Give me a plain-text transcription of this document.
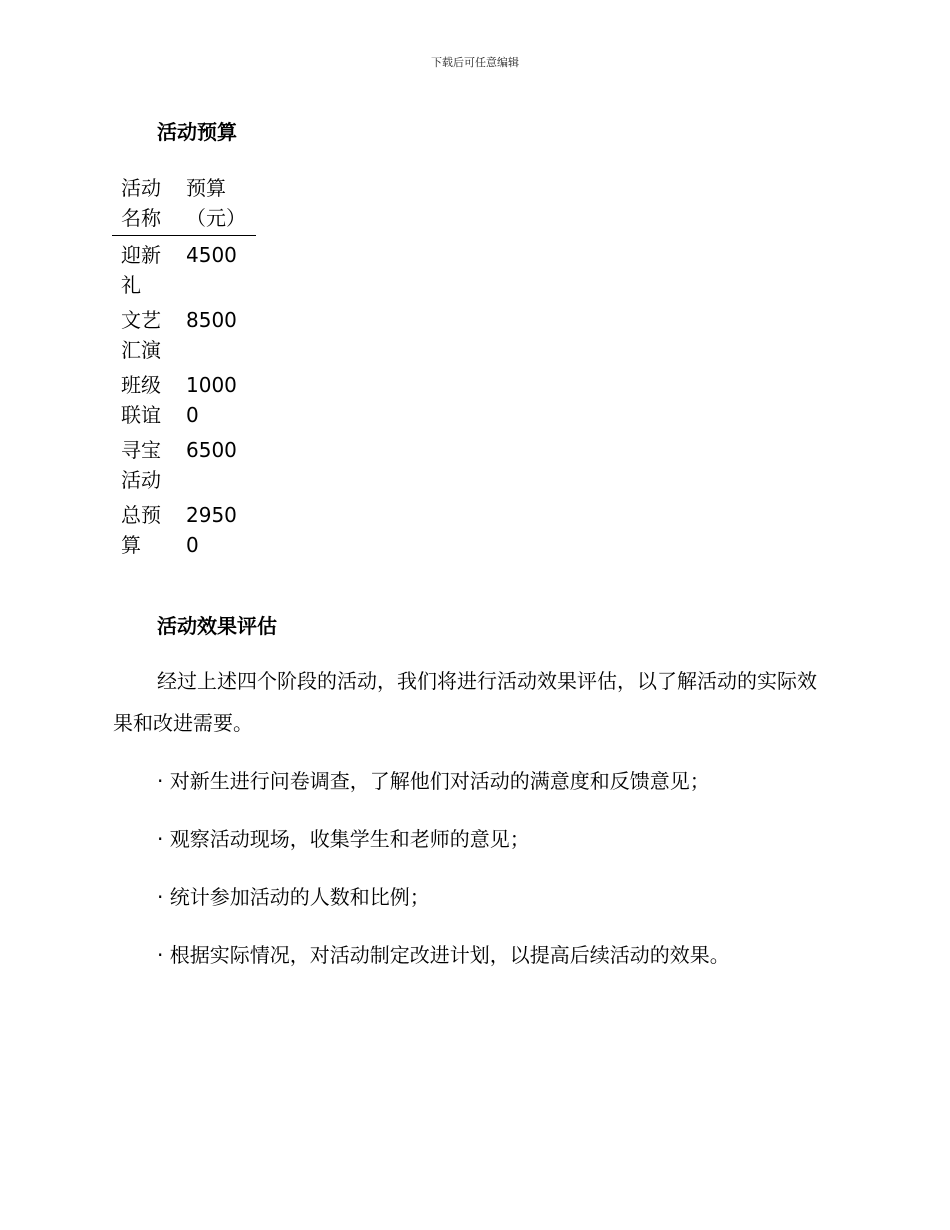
下载后可任意编辑
活动预算
活动名称	预算（元）
迎新礼	4500
文艺汇演	8500
班级联谊	10000
寻宝活动	6500
总预算	29500
活动效果评估

经过上述四个阶段的活动，我们将进行活动效果评估，以了解活动的实际效果和改进需要。

· 对新生进行问卷调查，了解他们对活动的满意度和反馈意见；
· 观察活动现场，收集学生和老师的意见；
· 统计参加活动的人数和比例；
· 根据实际情况，对活动制定改进计划，以提高后续活动的效果。
